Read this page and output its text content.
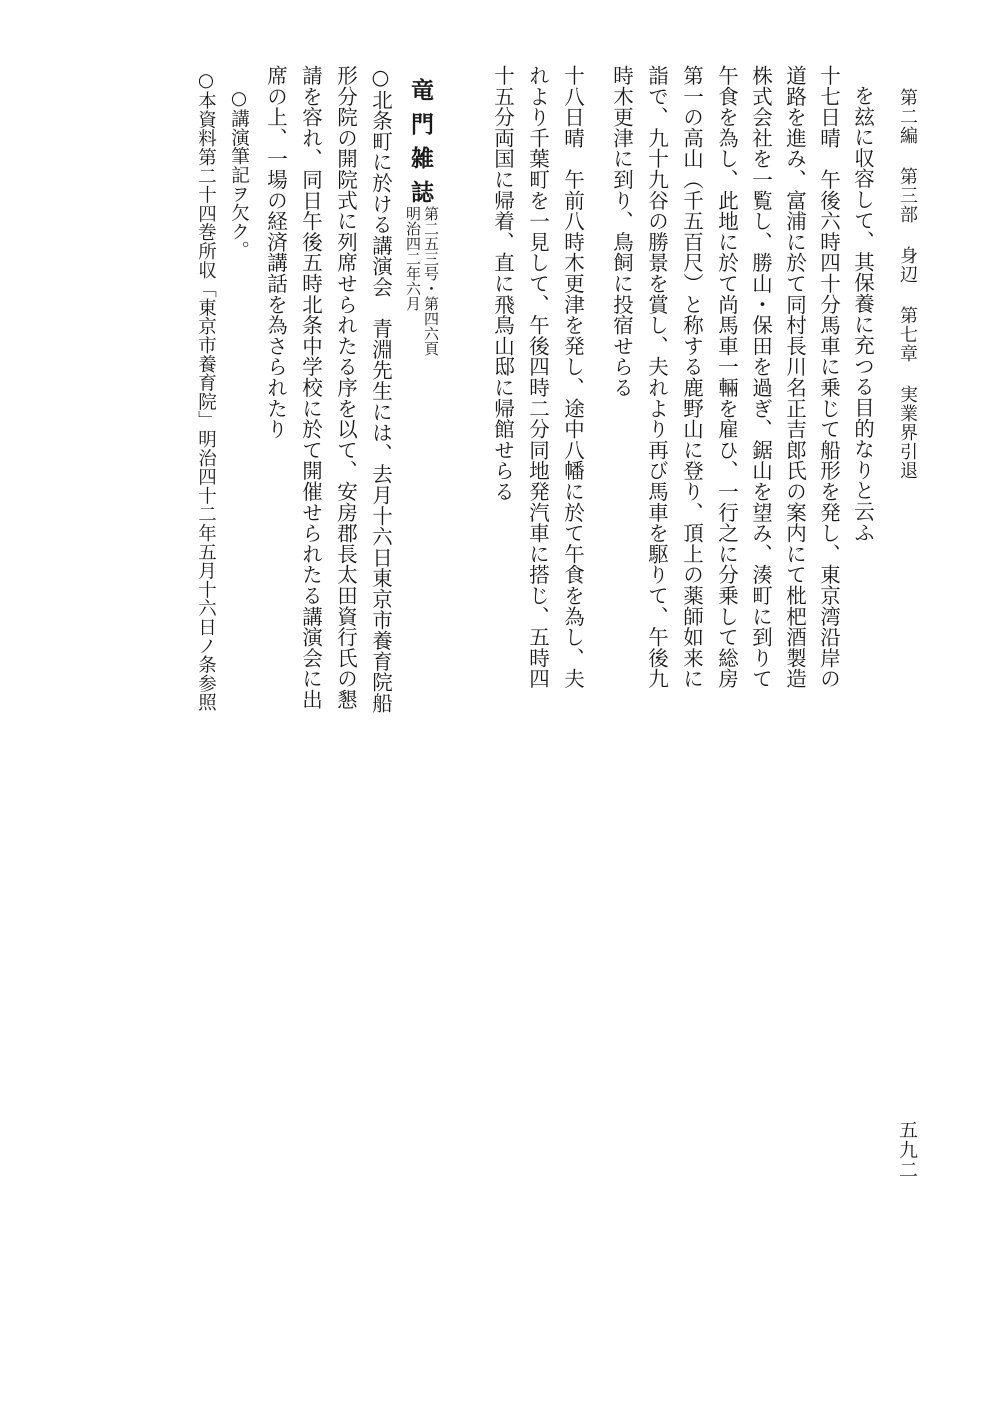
第二編
第三部
身辺
第七章
実業界引退
五九二
を玆に収容して、其保養に充つる目的なりと云ふ
十七日晴　午後六時四十分馬車に乗じて船形を発し、東京湾沿岸の
道路を進み、富浦に於て同村長川名正吉郎氏の案内にて枇杷酒製造
株式会社を一覧し、勝山・保田を過ぎ、鋸山を望み、湊町に到りて
午食を為し、此地に於て尚馬車一輛を雇ひ、一行之に分乗して総房
第一の高山（千五百尺）と称する鹿野山に登り、頂上の薬師如来に
詣で、九十九谷の勝景を賞し、夫れより再び馬車を駆りて、午後九
時木更津に到り、鳥飼に投宿せらる
十八日晴　午前八時木更津を発し、途中八幡に於て午食を為し、夫
れより千葉町を一見して、午後四時二分同地発汽車に搭じ、五時四
十五分両国に帰着、直に飛鳥山邸に帰館せらる
竜門雑誌
第二五三号・第四六頁
明治四二年六月
○北条町に於ける講演会　青淵先生には、去月十六日東京市養育院船
形分院の開院式に列席せられたる序を以て、安房郡長太田資行氏の懇
請を容れ、同日午後五時北条中学校に於て開催せられたる講演会に出
席の上、一場の経済講話を為さられたり
○講演筆記ヲ欠ク。
○本資料第二十四巻所収「東京市養育院」明治四十二年五月十六日ノ条参照
